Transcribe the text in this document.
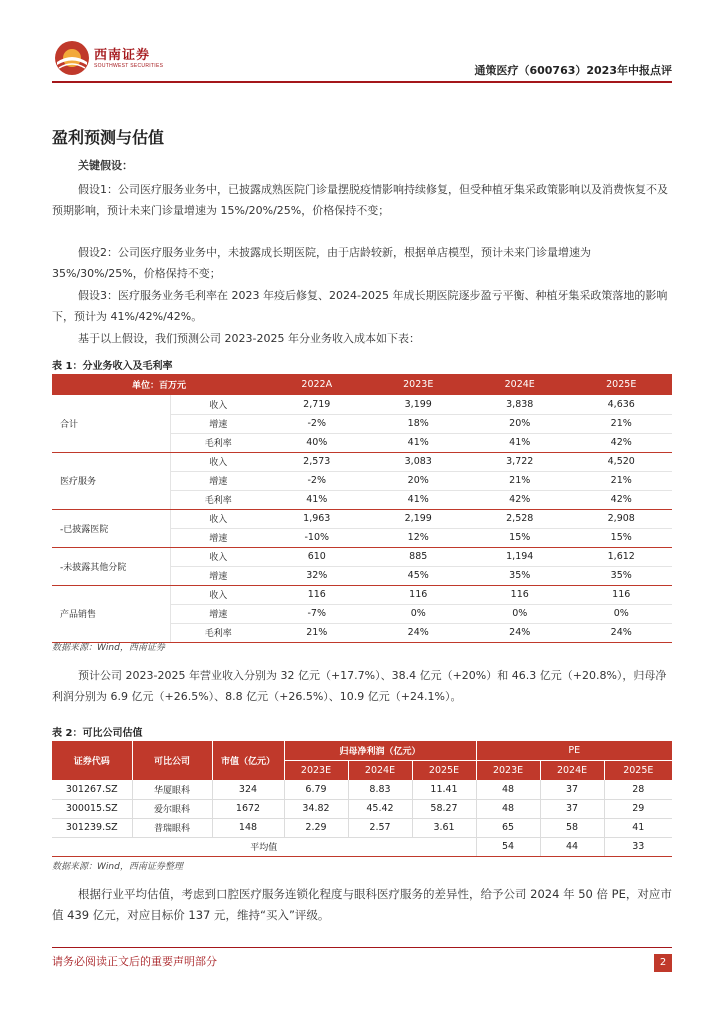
西南证券
SOUTHWEST SECURITIES	通策医疗（600763）2023年中报点评
盈利预测与估值
关键假设：
假设1：公司医疗服务业务中，已披露成熟医院门诊量摆脱疫情影响持续修复，但受种植牙集采政策影响以及消费恢复不及预期影响，预计未来门诊量增速为 15%/20%/25%，价格保持不变；
假设2：公司医疗服务业务中，未披露成长期医院，由于店龄较新，根据单店模型，预计未来门诊量增速为 35%/30%/25%，价格保持不变；
假设3：医疗服务业务毛利率在 2023 年疫后修复、2024-2025 年成长期医院逐步盈亏平衡、种植牙集采政策落地的影响下，预计为 41%/42%/42%。
基于以上假设，我们预测公司 2023-2025 年分业务收入成本如下表：
表 1：分业务收入及毛利率
单位：百万元		2022A	2023E	2024E	2025E
合计	收入	2,719	3,199	3,838	4,636
	增速	-2%	18%	20%	21%
	毛利率	40%	41%	41%	42%
医疗服务	收入	2,573	3,083	3,722	4,520
	增速	-2%	20%	21%	21%
	毛利率	41%	41%	42%	42%
-已披露医院	收入	1,963	2,199	2,528	2,908
	增速	-10%	12%	15%	15%
-未披露其他分院	收入	610	885	1,194	1,612
	增速	32%	45%	35%	35%
产品销售	收入	116	116	116	116
	增速	-7%	0%	0%	0%
	毛利率	21%	24%	24%	24%
数据来源：Wind，西南证券
预计公司 2023-2025 年营业收入分别为 32 亿元（+17.7%）、38.4 亿元（+20%）和 46.3 亿元（+20.8%），归母净利润分别为 6.9 亿元（+26.5%）、8.8 亿元（+26.5%）、10.9 亿元（+24.1%）。
表 2：可比公司估值
证券代码	可比公司	市值（亿元）	归母净利润（亿元）			PE		
			2023E	2024E	2025E	2023E	2024E	2025E
301267.SZ	华厦眼科	324	6.79	8.83	11.41	48	37	28
300015.SZ	爱尔眼科	1672	34.82	45.42	58.27	48	37	29
301239.SZ	普瑞眼科	148	2.29	2.57	3.61	65	58	41
平均值						54	44	33
数据来源：Wind，西南证券整理
根据行业平均估值，考虑到口腔医疗服务连锁化程度与眼科医疗服务的差异性，给予公司 2024 年 50 倍 PE，对应市值 439 亿元，对应目标价 137 元，维持“买入”评级。
请务必阅读正文后的重要声明部分	2
